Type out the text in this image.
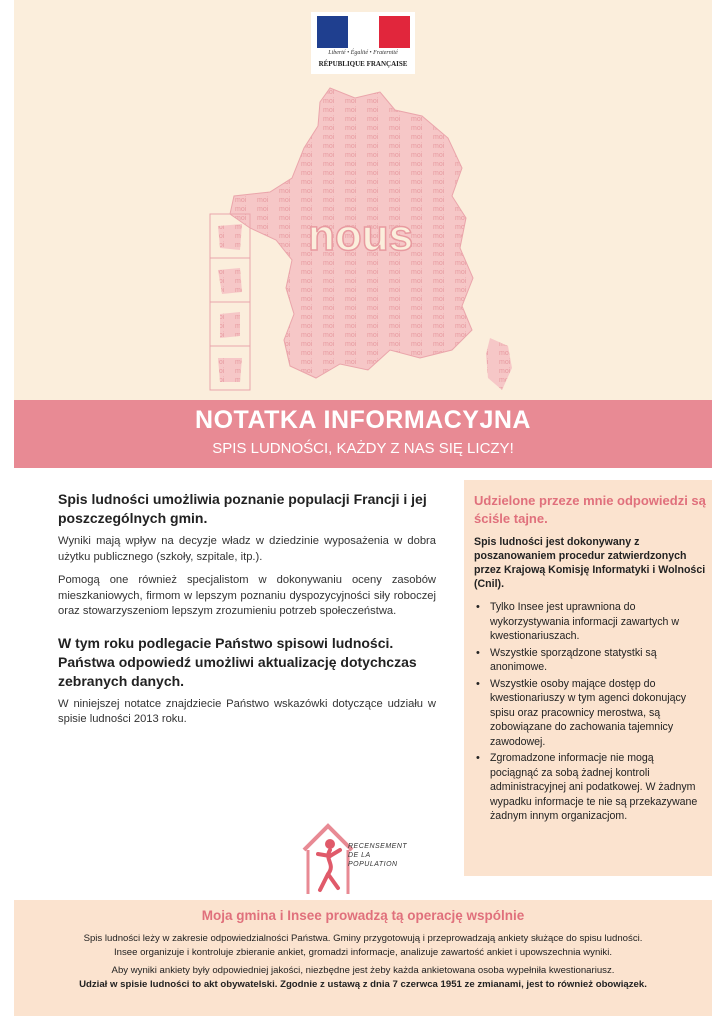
Liberté • Égalité • Fraternité
RÉPUBLIQUE FRANÇAISE
nous
NOTATKA INFORMACYJNA
SPIS LUDNOŚCI, KAŻDY Z NAS SIĘ LICZY!
Spis ludności umożliwia poznanie populacji Francji i jej poszczególnych gmin.

Wyniki mają wpływ na decyzje władz w dziedzinie wyposażenia w dobra użytku publicznego (szkoły, szpitale, itp.).

Pomogą one również specjalistom w dokonywaniu oceny zasobów mieszkaniowych, firmom w lepszym poznaniu dyspozycyjności siły roboczej oraz stowarzyszeniom lepszym zrozumieniu potrzeb społeczeństwa.

W tym roku podlegacie Państwo spisowi ludności. Państwa odpowiedź umożliwi aktualizację dotychczas zebranych danych.

W niniejszej notatce znajdziecie Państwo wskazówki dotyczące udziału w spisie ludności 2013 roku.

Udzielone przeze mnie odpowiedzi są ściśle tajne.
Spis ludności jest dokonywany z poszanowaniem procedur zatwierdzonych przez Krajową Komisję Informatyki i Wolności (Cnil).
• Tylko Insee jest uprawniona do wykorzystywania informacji zawartych w kwestionariuszach.
• Wszystkie sporządzone statystki są anonimowe.
• Wszystkie osoby mające dostęp do kwestionariuszy w tym agenci dokonujący spisu oraz pracownicy merostwa, są zobowiązane do zachowania tajemnicy zawodowej.
• Zgromadzone informacje nie mogą pociągnąć za sobą żadnej kontroli administracyjnej ani podatkowej. W żadnym wypadku informacje te nie są przekazywane żadnym innym organizacjom.
RECENSEMENT
DE LA
POPULATION
Moja gmina i Insee prowadzą tą operację wspólnie
Spis ludności leży w zakresie odpowiedzialności Państwa. Gminy przygotowują i przeprowadzają ankiety służące do spisu ludności.
Insee organizuje i kontroluje zbieranie ankiet, gromadzi informacje, analizuje zawartość ankiet i upowszechnia wyniki.
Aby wyniki ankiety były odpowiedniej jakości, niezbędne jest żeby każda ankietowana osoba wypełniła kwestionariusz.
Udział w spisie ludności to akt obywatelski. Zgodnie z ustawą z dnia 7 czerwca 1951 ze zmianami, jest to również obowiązek.
